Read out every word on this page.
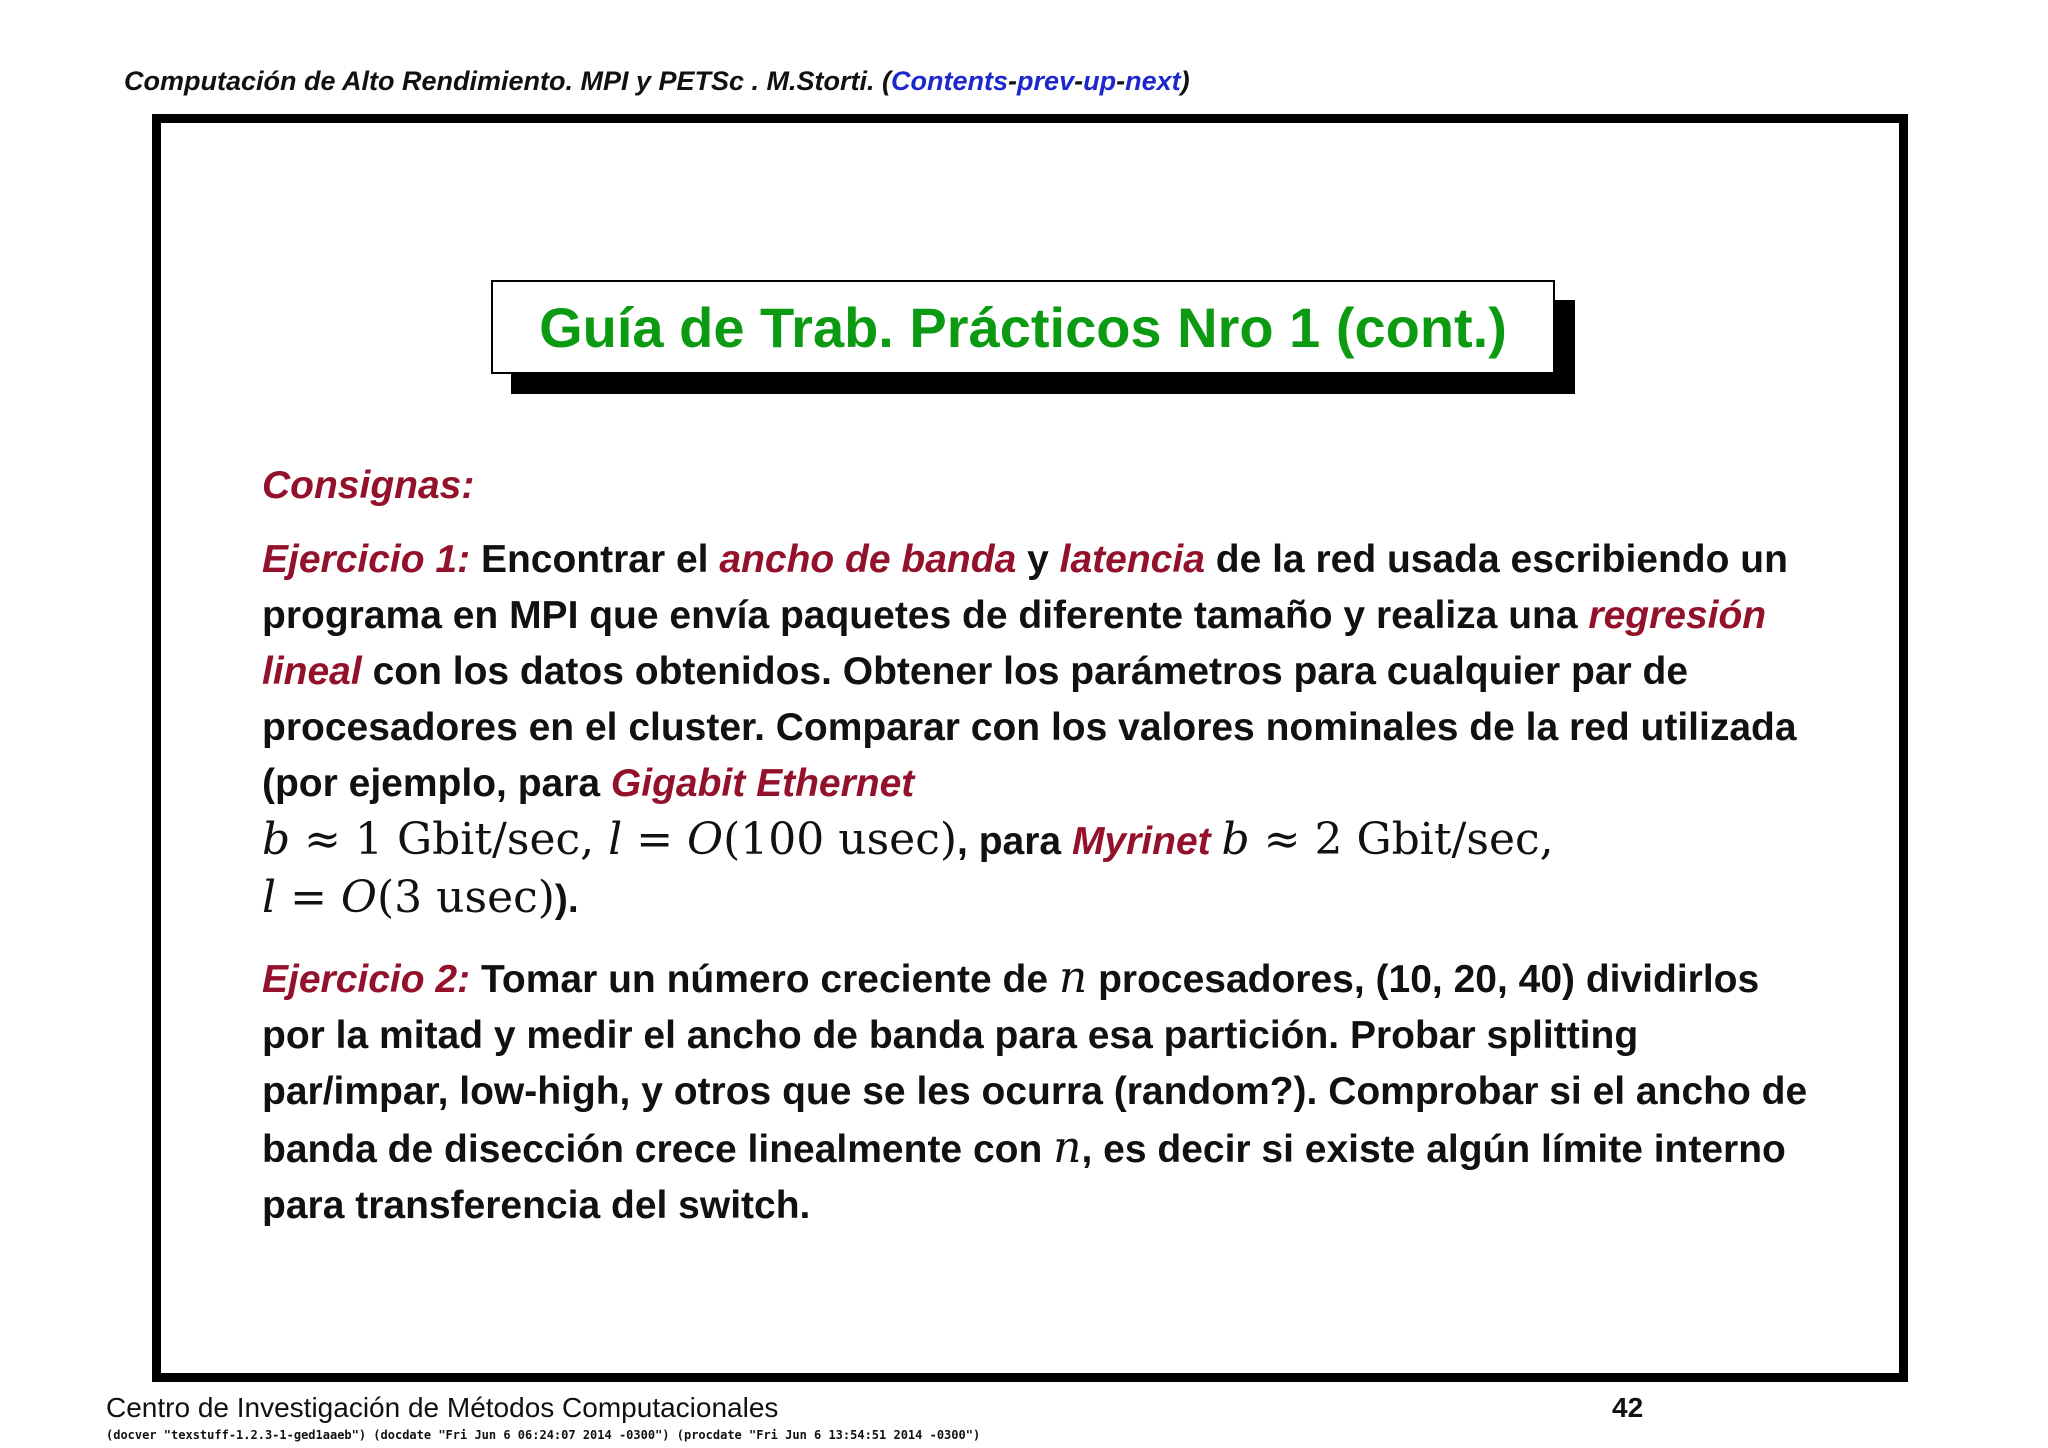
Computación de Alto Rendimiento. MPI y PETSc . M.Storti. (Contents-prev-up-next)
Guía de Trab. Prácticos Nro 1 (cont.)

Consignas:

Ejercicio 1: Encontrar el ancho de banda y latencia de la red usada escribiendo un programa en MPI que envía paquetes de diferente tamaño y realiza una regresión lineal con los datos obtenidos. Obtener los parámetros para cualquier par de procesadores en el cluster. Comparar con los valores nominales de la red utilizada (por ejemplo, para Gigabit Ethernet
b ≈ 1 Gbit/sec, l = O(100 usec), para Myrinet b ≈ 2 Gbit/sec,
l = O(3 usec)).

Ejercicio 2: Tomar un número creciente de n procesadores, (10, 20, 40) dividirlos por la mitad y medir el ancho de banda para esa partición. Probar splitting par/impar, low-high, y otros que se les ocurra (random?). Comprobar si el ancho de banda de disección crece linealmente con n, es decir si existe algún límite interno para transferencia del switch.

Centro de Investigación de Métodos Computacionales	42
(docver "texstuff-1.2.3-1-ged1aaeb") (docdate "Fri Jun 6 06:24:07 2014 -0300") (procdate "Fri Jun 6 13:54:51 2014 -0300")
